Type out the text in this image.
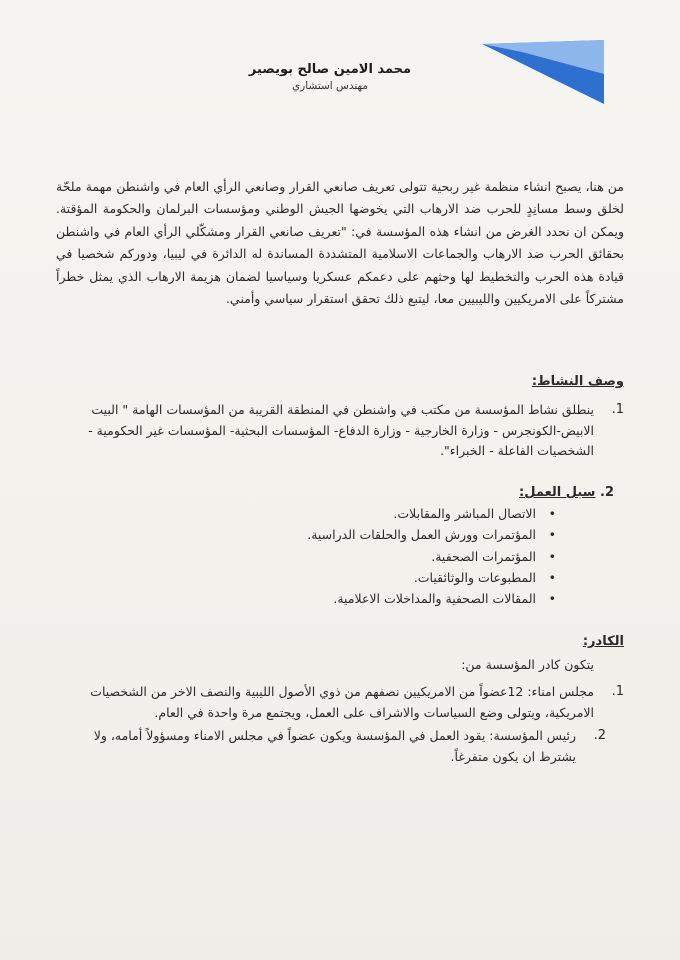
محمد الامين صالح بويصير
مهندس استشاري

من هنا، يصبح انشاء منظمة غير ربحية تتولى تعريف صانعي القرار وصانعي الرأي العام في واشنطن مهمة ملحّة لخلق وسط مسانِدٍ للحرب ضد الارهاب التي يخوضها الجيش الوطني ومؤسسات البرلمان والحكومة المؤقتة. ويمكن ان نحدد الغرض من انشاء هذه المؤسسة في: "تعريف صانعي القرار ومشكّلي الرأي العام في واشنطن بحقائق الحرب ضد الارهاب والجماعات الاسلامية المتشددة المساندة له الدائرة في ليبيا، ودوركم شخصيا في قيادة هذه الحرب والتخطيط لها وحثهم على دعمكم عسكريا وسياسيا لضمان هزيمة الارهاب الذي يمثل خطراً مشتركاً على الامريكيين والليبيين معا، ليتبع ذلك تحقق استقرار سياسي وأمني.

وصف النشاط:
1.
ينطلق نشاط المؤسسة من مكتب في واشنطن في المنطقة القريبة من المؤسسات الهامة " البيت الابيض-الكونجرس - وزارة الخارجية - وزارة الدفاع- المؤسسات البحثية- المؤسسات غير الحكومية - الشخصيات الفاعلة - الخبراء".
2. سبل العمل:
•
الاتصال المباشر والمقابلات.
•
المؤتمرات وورش العمل والحلقات الدراسية.
•
المؤتمرات الصحفية.
•
المطبوعات والوثائقيات.
•
المقالات الصحفية والمداخلات الاعلامية.
الكادر:
يتكون كادر المؤسسة من:
1.
مجلس امناء: 12عضواً من الامريكيين نصفهم من ذوي الأصول الليبية والنصف الاخر من الشخصيات الامريكية، ويتولى وضع السياسات والاشراف على العمل، ويجتمع مرة واحدة في العام.
2.
رئيس المؤسسة: يقود العمل في المؤسسة ويكون عضواً في مجلس الامناء ومسؤولاً أمامه، ولا يشترط ان يكون متفرغاً.
